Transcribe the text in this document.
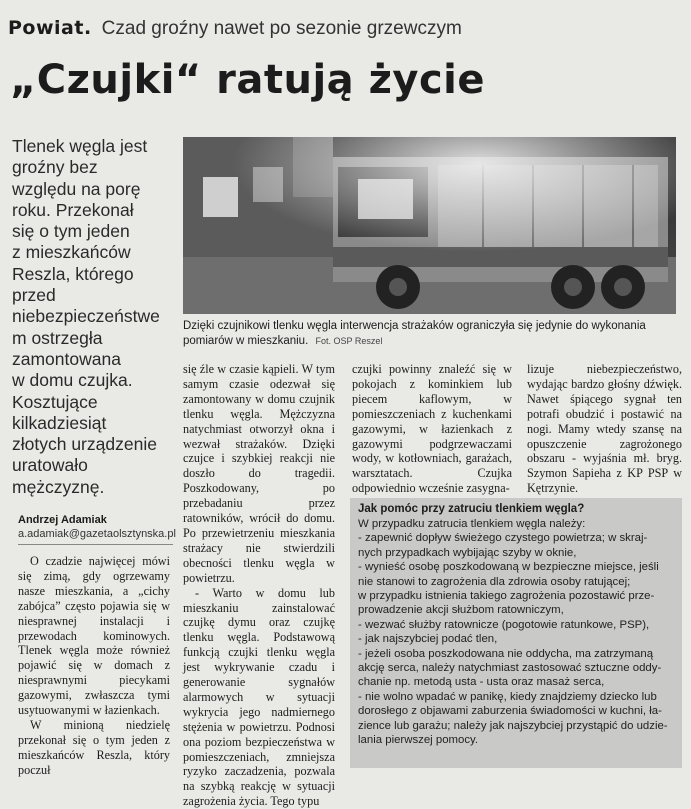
Powiat. Czad groźny nawet po sezonie grzewczym
„Czujki“ ratują życie
Tlenek węgla jest
groźny bez
względu na porę
roku. Przekonał
się o tym jeden
z mieszkańców
Reszla, którego
przed
niebezpieczeństwe
m ostrzegła
zamontowana
w domu czujka.
Kosztujące
kilkadziesiąt
złotych urządzenie
uratowało
mężczyznę.
Andrzej Adamiak
a.adamiak@gazetaolsztynska.pl

O czadzie najwięcej mówi się zimą, gdy ogrzewamy nasze mieszkania, a „cichy zabójca” często pojawia się w niesprawnej instalacji i przewodach kominowych. Tlenek węgla może również pojawić się w domach z niesprawnymi piecykami gazowymi, zwłaszcza tymi usytuowanymi w łazienkach.

W minioną niedzielę przekonał się o tym jeden z mieszkańców Reszla, który poczuł

Dzięki czujnikowi tlenku węgla interwencja strażaków ograniczyła się jedynie do wykonania pomiarów w mieszkaniu. Fot. OSP Reszel

się źle w czasie kąpieli. W tym samym czasie odezwał się zamontowany w domu czujnik tlenku węgla. Mężczyzna natychmiast otworzył okna i wezwał strażaków. Dzięki czujce i szybkiej reakcji nie doszło do tragedii. Poszkodowany, po przebadaniu przez ratowników, wrócił do domu. Po przewietrzeniu mieszkania strażacy nie stwierdzili obecności tlenku węgla w powietrzu.

- Warto w domu lub mieszkaniu zainstalować czujkę dymu oraz czujkę tlenku węgla. Podstawową funkcją czujki tlenku węgla jest wykrywanie czadu i generowanie sygnałów alarmowych w sytuacji wykrycia jego nadmiernego stężenia w powietrzu. Podnosi ona poziom bezpieczeństwa w pomieszczeniach, zmniejsza ryzyko zaczadzenia, pozwala na szybką reakcję w sytuacji zagrożenia życia. Tego typu

czujki powinny znaleźć się w pokojach z kominkiem lub piecem kaflowym, w pomieszczeniach z kuchenkami gazowymi, w łazienkach z gazowymi podgrzewaczami wody, w kotłowniach, garażach, warsztatach. Czujka odpowiednio wcześnie zasygna-
lizuje niebezpieczeństwo, wydając bardzo głośny dźwięk. Nawet śpiącego sygnał ten potrafi obudzić i postawić na nogi. Mamy wtedy szansę na opuszczenie zagrożonego obszaru - wyjaśnia mł. bryg. Szymon Sapieha z KP PSP w Kętrzynie.
Jak pomóc przy zatruciu tlenkiem węgla?
W przypadku zatrucia tlenkiem węgla należy:
- zapewnić dopływ świeżego czystego powietrza; w skraj-
nych przypadkach wybijając szyby w oknie,
- wynieść osobę poszkodowaną w bezpieczne miejsce, jeśli
nie stanowi to zagrożenia dla zdrowia osoby ratującej;
w przypadku istnienia takiego zagrożenia pozostawić prze-
prowadzenie akcji służbom ratowniczym,
- wezwać służby ratownicze (pogotowie ratunkowe, PSP),
- jak najszybciej podać tlen,
- jeżeli osoba poszkodowana nie oddycha, ma zatrzymaną
akcję serca, należy natychmiast zastosować sztuczne oddy-
chanie np. metodą usta - usta oraz masaż serca,
- nie wolno wpadać w panikę, kiedy znajdziemy dziecko lub
dorosłego z objawami zaburzenia świadomości w kuchni, ła-
zience lub garażu; należy jak najszybciej przystąpić do udzie-
lania pierwszej pomocy.
